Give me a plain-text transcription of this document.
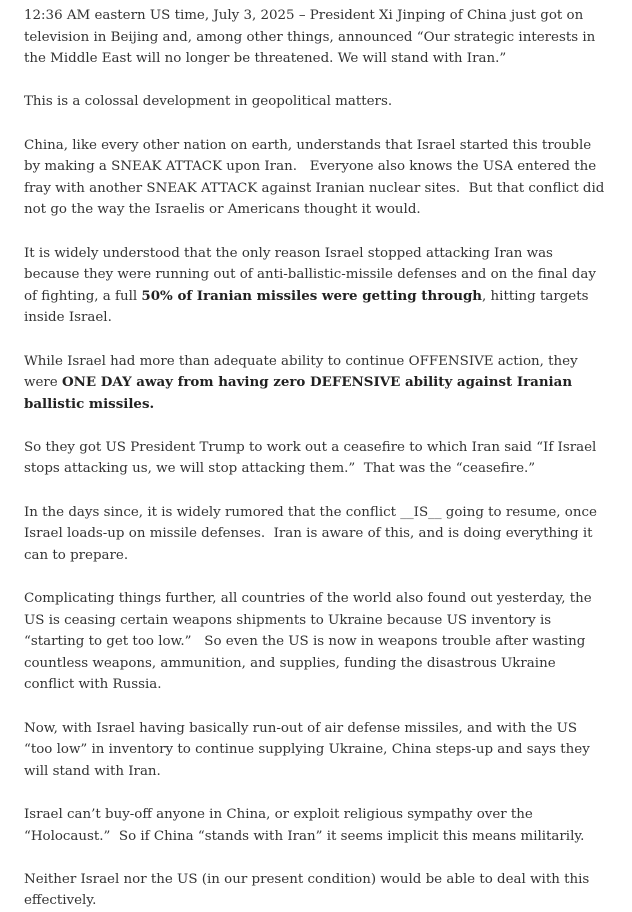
12:36 AM eastern US time, July 3, 2025 – President Xi Jinping of China just got on television in Beijing and, among other things, announced “Our strategic interests in the Middle East will no longer be threatened. We will stand with Iran.”

This is a colossal development in geopolitical matters.

China, like every other nation on earth, understands that Israel started this trouble by making a SNEAK ATTACK upon Iran.   Everyone also knows the USA entered the fray with another SNEAK ATTACK against Iranian nuclear sites.  But that conflict did not go the way the Israelis or Americans thought it would.

It is widely understood that the only reason Israel stopped attacking Iran was because they were running out of anti-ballistic-missile defenses and on the final day of fighting, a full 50% of Iranian missiles were getting through, hitting targets inside Israel.

While Israel had more than adequate ability to continue OFFENSIVE action, they were ONE DAY away from having zero DEFENSIVE ability against Iranian ballistic missiles.

So they got US President Trump to work out a ceasefire to which Iran said “If Israel stops attacking us, we will stop attacking them.”  That was the “ceasefire.”

In the days since, it is widely rumored that the conflict __IS__ going to resume, once Israel loads-up on missile defenses.  Iran is aware of this, and is doing everything it can to prepare.

Complicating things further, all countries of the world also found out yesterday, the US is ceasing certain weapons shipments to Ukraine because US inventory is “starting to get too low.”   So even the US is now in weapons trouble after wasting countless weapons, ammunition, and supplies, funding the disastrous Ukraine conflict with Russia.

Now, with Israel having basically run-out of air defense missiles, and with the US “too low” in inventory to continue supplying Ukraine, China steps-up and says they will stand with Iran.

Israel can’t buy-off anyone in China, or exploit religious sympathy over the “Holocaust.”  So if China “stands with Iran” it seems implicit this means militarily.

Neither Israel nor the US (in our present condition) would be able to deal with this effectively.
